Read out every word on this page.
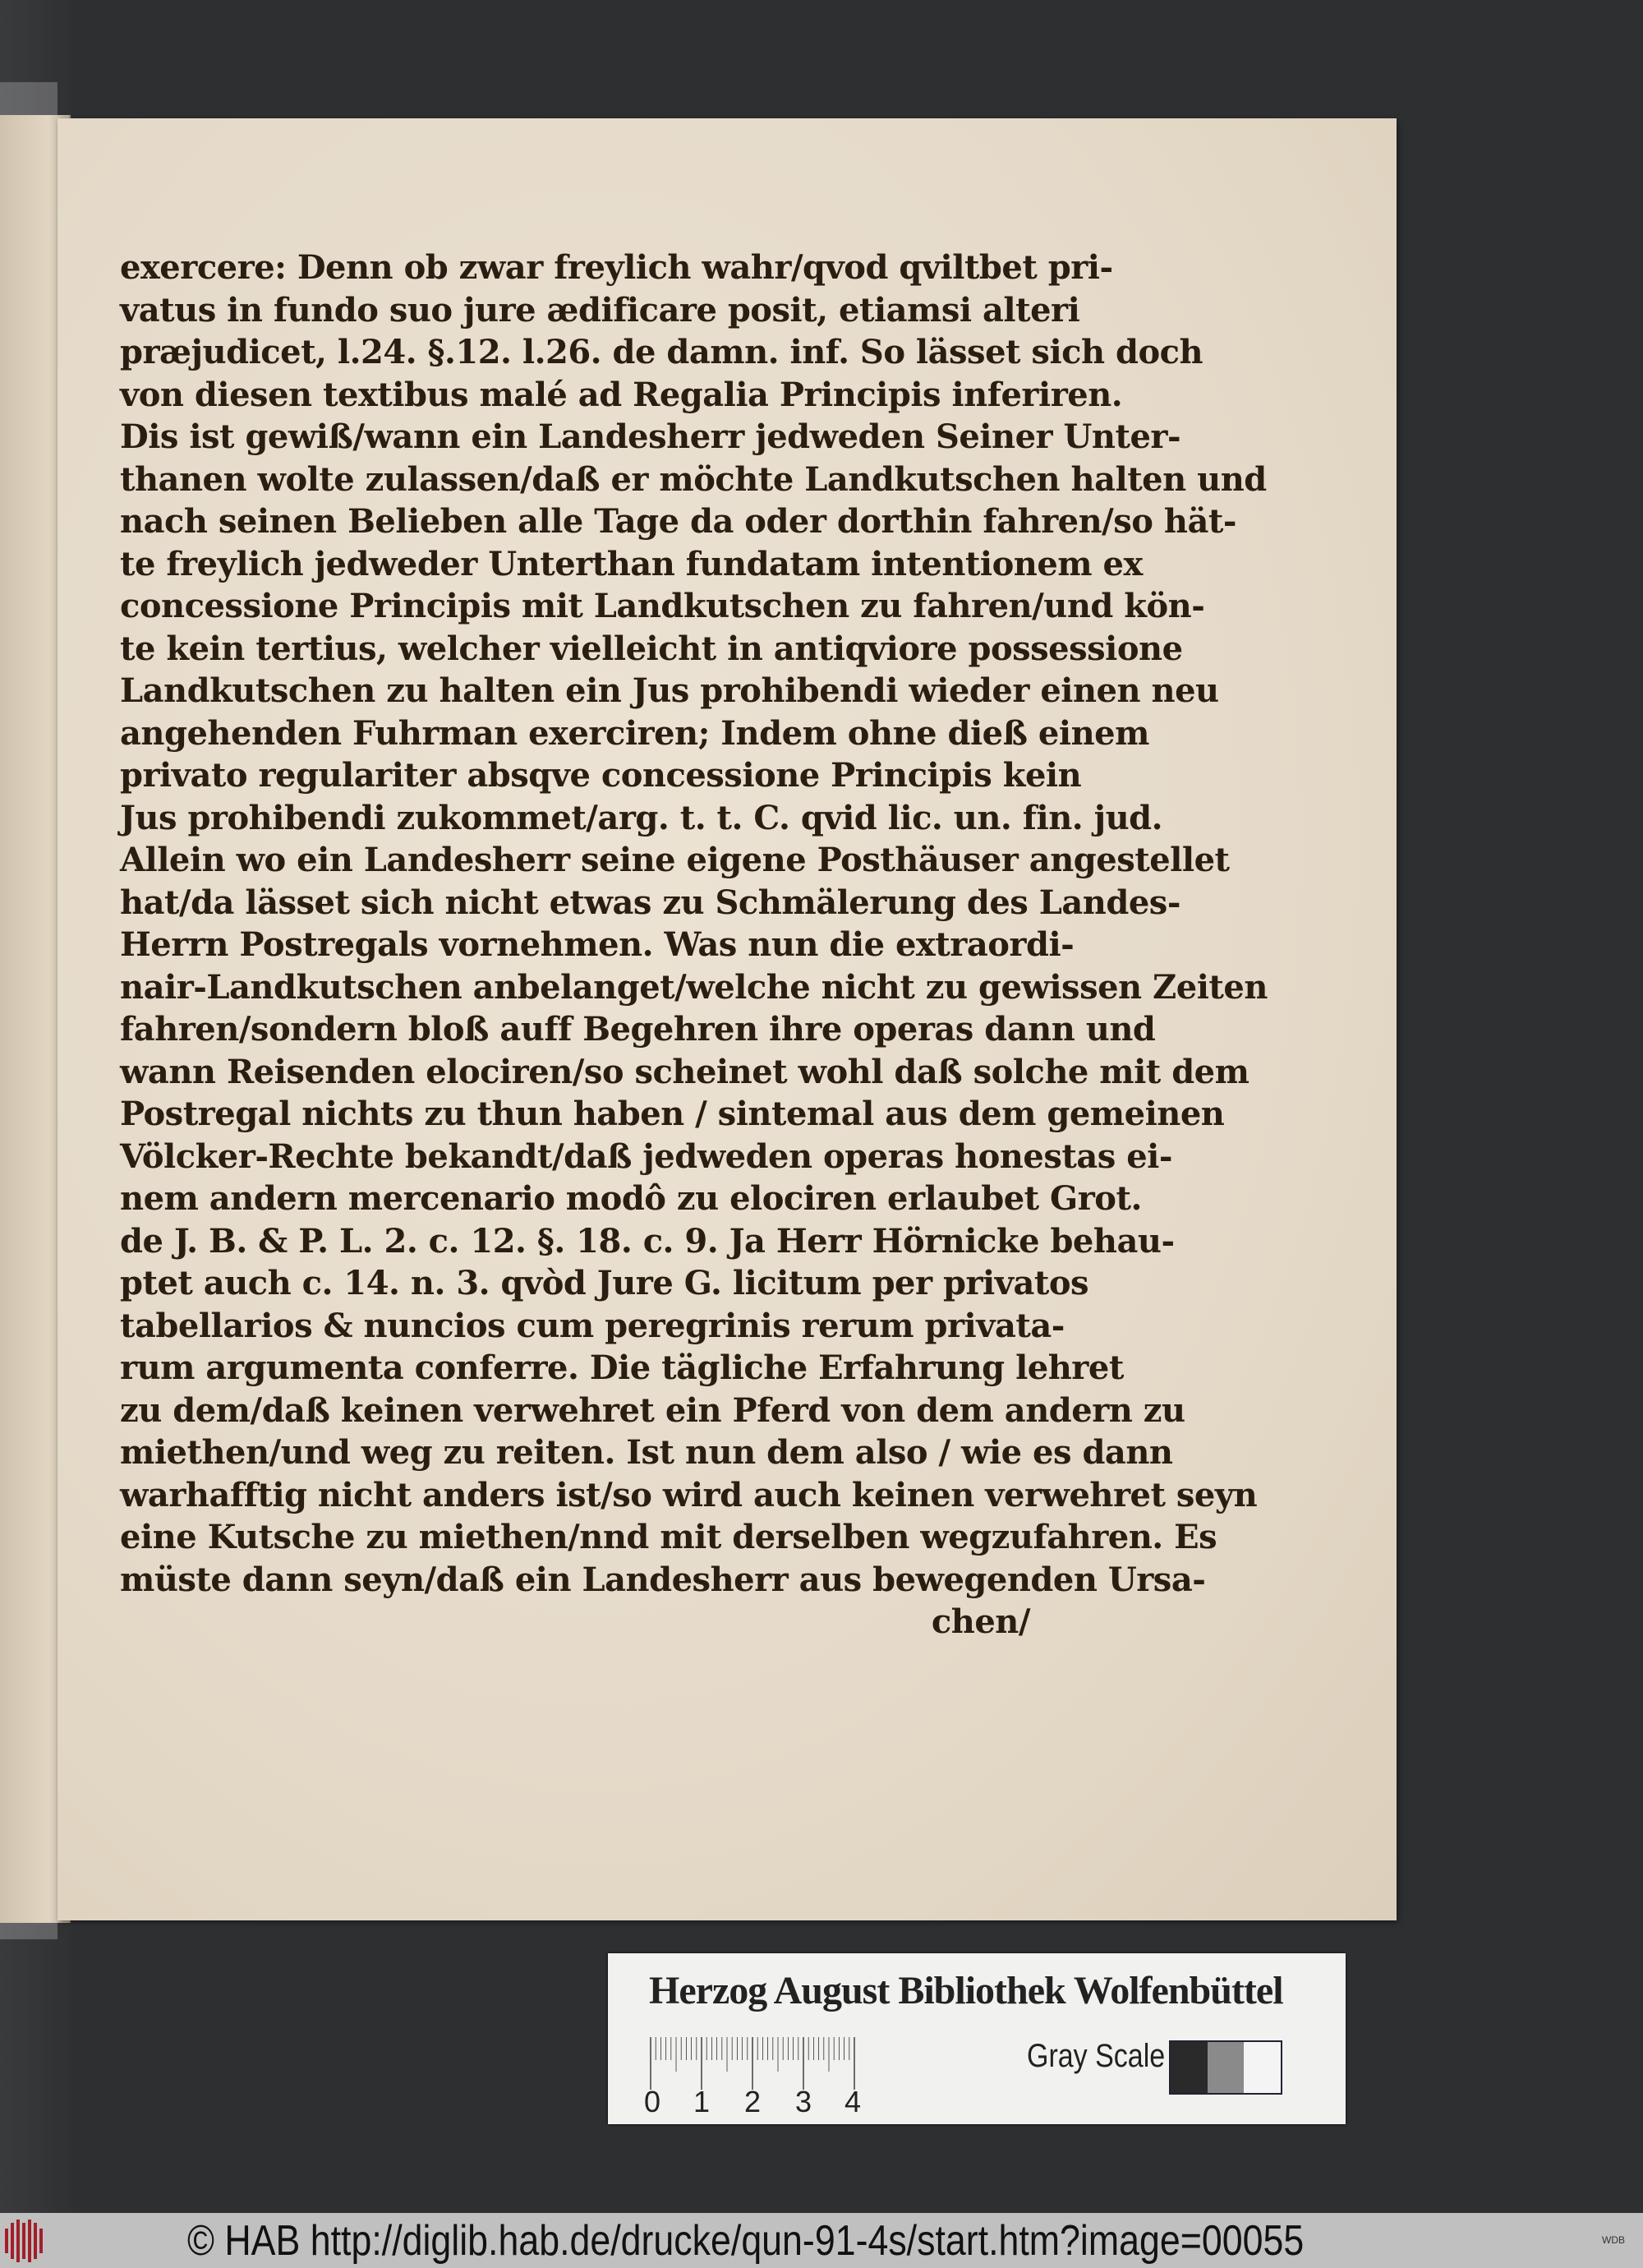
exercere: Denn ob zwar freylich wahr/qvod qviltbet pri-
vatus in fundo suo jure ædificare posit, etiamsi alteri
præjudicet, l.24. §.12. l.26. de damn. inf. So lässet sich doch
von diesen textibus malé ad Regalia Principis inferiren.
Dis ist gewiß/wann ein Landesherr jedweden Seiner Unter-
thanen wolte zulassen/daß er möchte Landkutschen halten und
nach seinen Belieben alle Tage da oder dorthin fahren/so hät-
te freylich jedweder Unterthan fundatam intentionem ex
concessione Principis mit Landkutschen zu fahren/und kön-
te kein tertius, welcher vielleicht in antiqviore possessione
Landkutschen zu halten ein Jus prohibendi wieder einen neu
angehenden Fuhrman exerciren; Indem ohne dieß einem
privato regulariter absqve concessione Principis kein
Jus prohibendi zukommet/arg. t. t. C. qvid lic. un. fin. jud.
Allein wo ein Landesherr seine eigene Posthäuser angestellet
hat/da lässet sich nicht etwas zu Schmälerung des Landes-
Herrn Postregals vornehmen. Was nun die extraordi-
nair-Landkutschen anbelanget/welche nicht zu gewissen Zeiten
fahren/sondern bloß auff Begehren ihre operas dann und
wann Reisenden elociren/so scheinet wohl daß solche mit dem
Postregal nichts zu thun haben / sintemal aus dem gemeinen
Völcker-Rechte bekandt/daß jedweden operas honestas ei-
nem andern mercenario modô zu elociren erlaubet Grot.
de J. B. & P. L. 2. c. 12. §. 18. c. 9. Ja Herr Hörnicke behau-
ptet auch c. 14. n. 3. qvòd Jure G. licitum per privatos
tabellarios & nuncios cum peregrinis rerum privata-
rum argumenta conferre. Die tägliche Erfahrung lehret
zu dem/daß keinen verwehret ein Pferd von dem andern zu
miethen/und weg zu reiten. Ist nun dem also / wie es dann
warhafftig nicht anders ist/so wird auch keinen verwehret seyn
eine Kutsche zu miethen/nnd mit derselben wegzufahren. Es
müste dann seyn/daß ein Landesherr aus bewegenden Ursa-
chen/
Herzog August Bibliothek Wolfenbüttel
0 1 2 3 4
Gray Scale
© HAB http://diglib.hab.de/drucke/qun-91-4s/start.htm?image=00055	WDB
